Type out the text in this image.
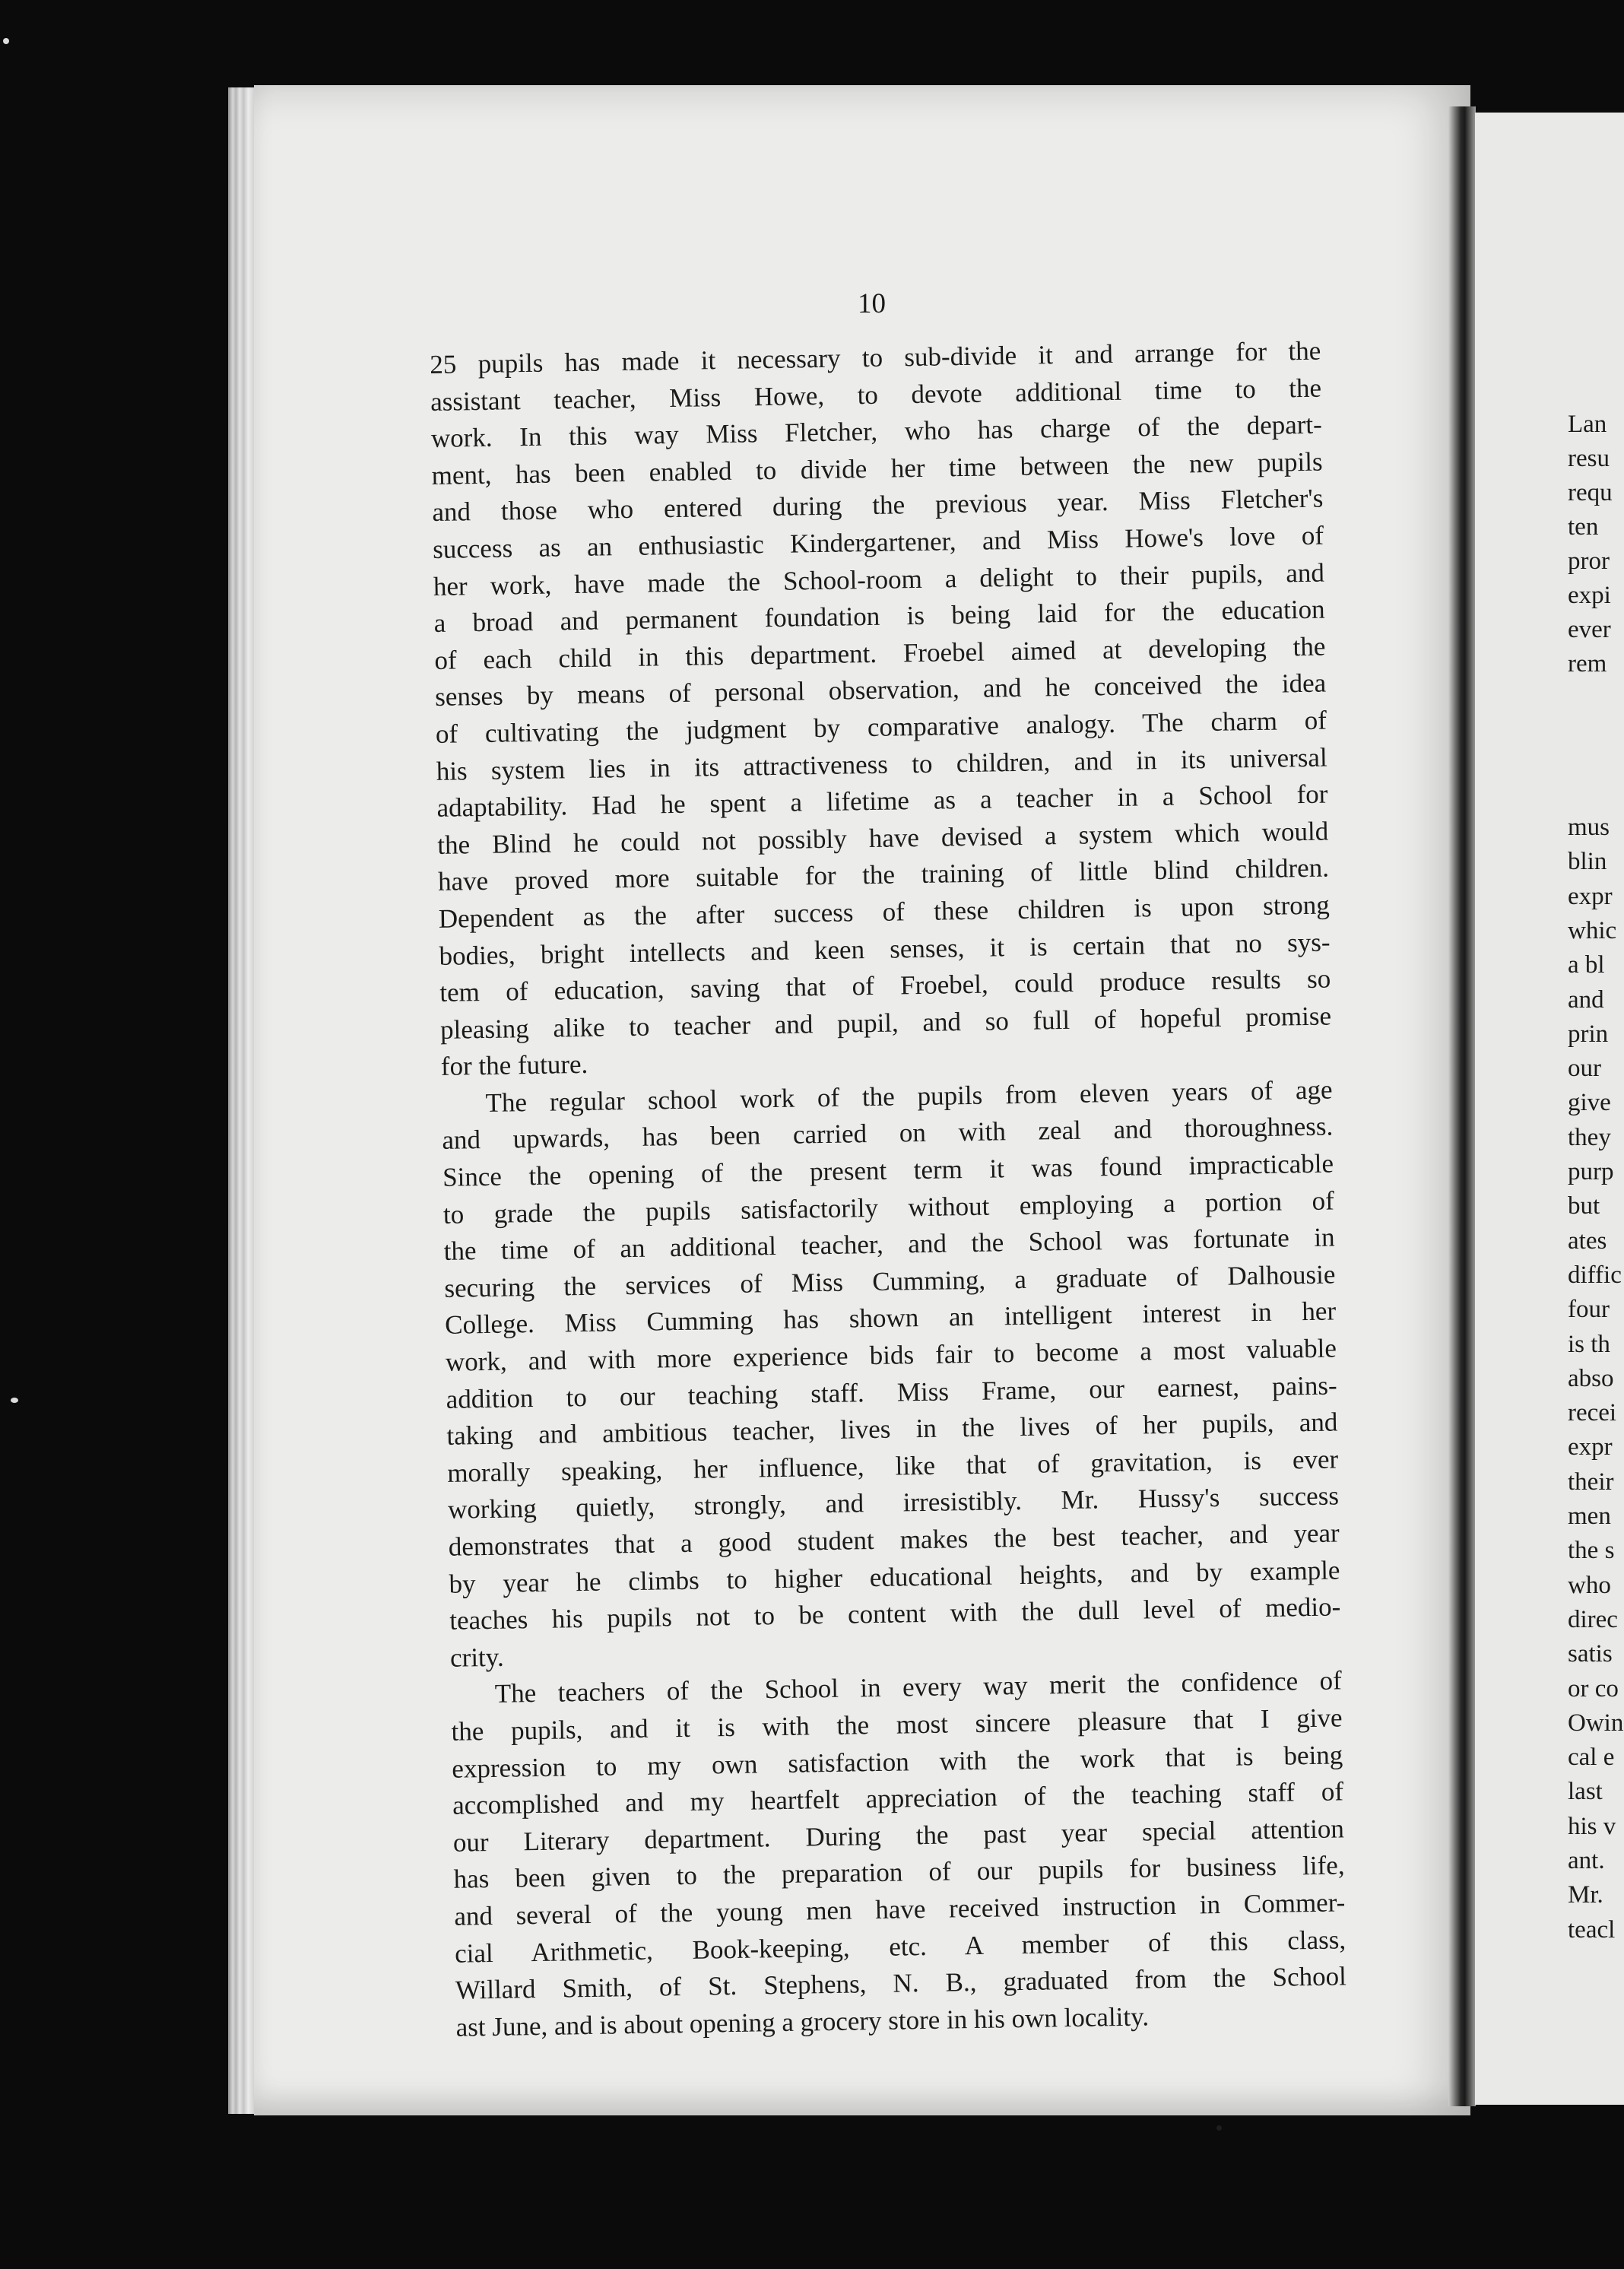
10

25 pupils has made it necessary to sub-divide it and arrange for the

assistant teacher, Miss Howe, to devote additional time to the

work. In this way Miss Fletcher, who has charge of the depart-

ment, has been enabled to divide her time between the new pupils

and those who entered during the previous year. Miss Fletcher's

success as an enthusiastic Kindergartener, and Miss Howe's love of

her work, have made the School-room a delight to their pupils, and

a broad and permanent foundation is being laid for the education

of each child in this department. Froebel aimed at developing the

senses by means of personal observation, and he conceived the idea

of cultivating the judgment by comparative analogy. The charm of

his system lies in its attractiveness to children, and in its universal

adaptability. Had he spent a lifetime as a teacher in a School for

the Blind he could not possibly have devised a system which would

have proved more suitable for the training of little blind children.

Dependent as the after success of these children is upon strong

bodies, bright intellects and keen senses, it is certain that no sys-

tem of education, saving that of Froebel, could produce results so

pleasing alike to teacher and pupil, and so full of hopeful promise

for the future.

The regular school work of the pupils from eleven years of age

and upwards, has been carried on with zeal and thoroughness.

Since the opening of the present term it was found impracticable

to grade the pupils satisfactorily without employing a portion of

the time of an additional teacher, and the School was fortunate in

securing the services of Miss Cumming, a graduate of Dalhousie

College. Miss Cumming has shown an intelligent interest in her

work, and with more experience bids fair to become a most valuable

addition to our teaching staff. Miss Frame, our earnest, pains-

taking and ambitious teacher, lives in the lives of her pupils, and

morally speaking, her influence, like that of gravitation, is ever

working quietly, strongly, and irresistibly. Mr. Hussy's success

demonstrates that a good student makes the best teacher, and year

by year he climbs to higher educational heights, and by example

teaches his pupils not to be content with the dull level of medio-

crity.

The teachers of the School in every way merit the confidence of

the pupils, and it is with the most sincere pleasure that I give

expression to my own satisfaction with the work that is being

accomplished and my heartfelt appreciation of the teaching staff of

our Literary department. During the past year special attention

has been given to the preparation of our pupils for business life,

and several of the young men have received instruction in Commer-

cial Arithmetic, Book-keeping, etc. A member of this class,

Willard Smith, of St. Stephens, N. B., graduated from the School

ast June, and is about opening a grocery store in his own locality.

Lan
resu
requ
ten
pror
expi
ever
rem
mus
blin
expr
whic
a bl
and
prin
our
give
they
purp
but
ates
diffic
four
is th
abso
recei
expr
their
men
the s
who
direc
satis
or co
Owin
cal e
last
his v
ant.
Mr.
teacl
